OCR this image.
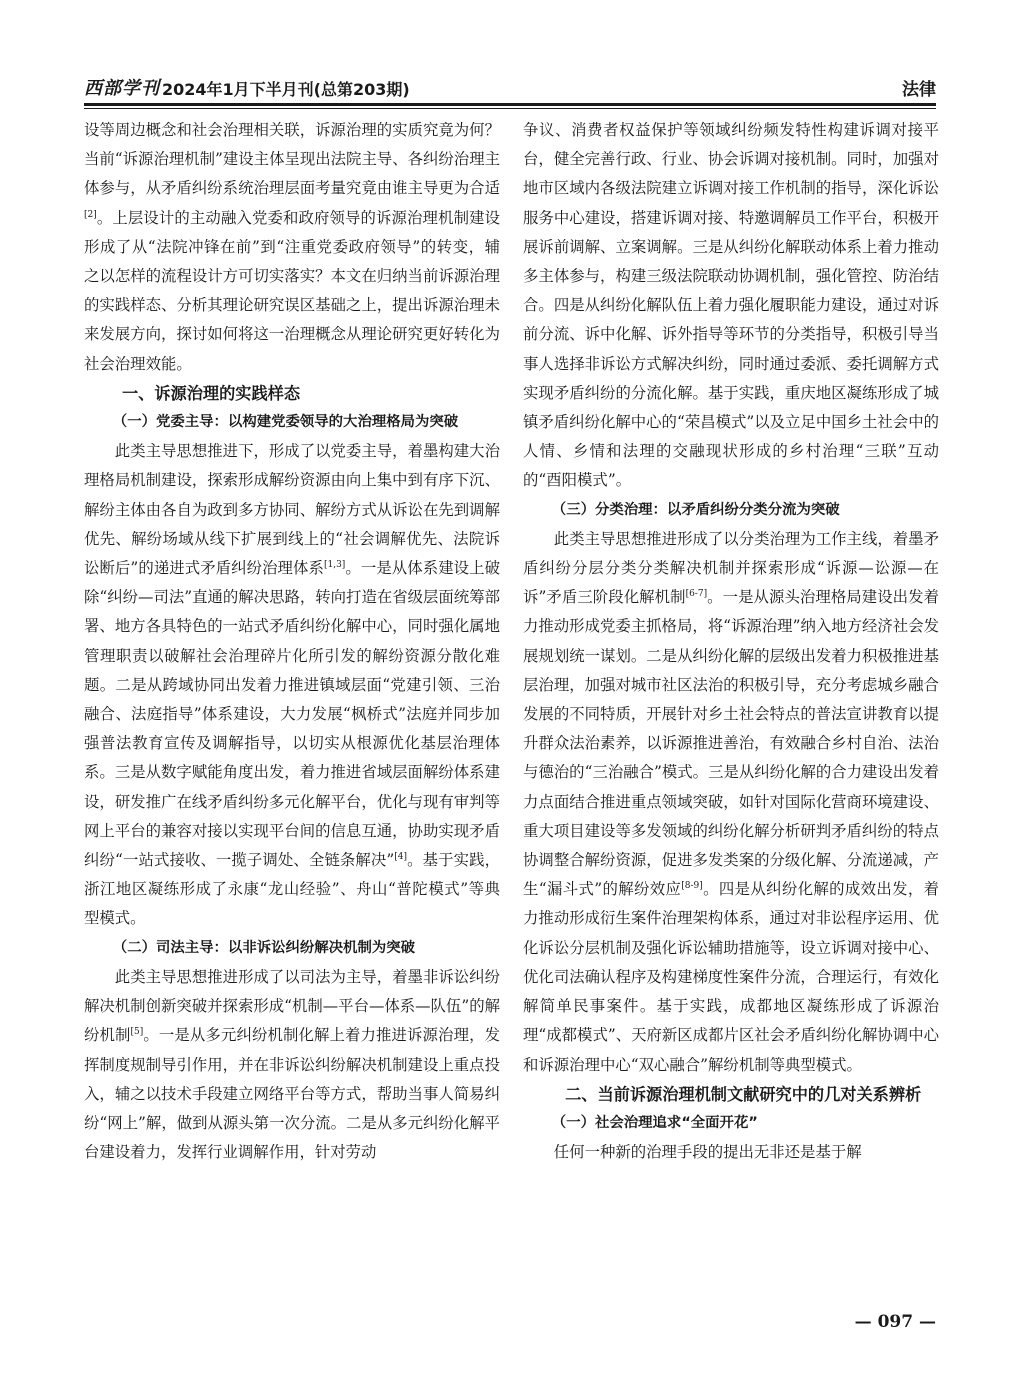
西部学刊 2024年1月下半月刊(总第203期)	法律

设等周边概念和社会治理相关联，诉源治理的实质究竟为何？当前“诉源治理机制”建设主体呈现出法院主导、各纠纷治理主体参与，从矛盾纠纷系统治理层面考量究竟由谁主导更为合适[2]。上层设计的主动融入党委和政府领导的诉源治理机制建设形成了从“法院冲锋在前”到“注重党委政府领导”的转变，辅之以怎样的流程设计方可切实落实？本文在归纳当前诉源治理的实践样态、分析其理论研究误区基础之上，提出诉源治理未来发展方向，探讨如何将这一治理概念从理论研究更好转化为社会治理效能。

一、诉源治理的实践样态
（一）党委主导：以构建党委领导的大治理格局为突破

此类主导思想推进下，形成了以党委主导，着墨构建大治理格局机制建设，探索形成解纷资源由向上集中到有序下沉、解纷主体由各自为政到多方协同、解纷方式从诉讼在先到调解优先、解纷场域从线下扩展到线上的“社会调解优先、法院诉讼断后”的递进式矛盾纠纷治理体系[1,3]。一是从体系建设上破除“纠纷—司法”直通的解决思路，转向打造在省级层面统筹部署、地方各具特色的一站式矛盾纠纷化解中心，同时强化属地管理职责以破解社会治理碎片化所引发的解纷资源分散化难题。二是从跨域协同出发着力推进镇域层面“党建引领、三治融合、法庭指导”体系建设，大力发展“枫桥式”法庭并同步加强普法教育宣传及调解指导，以切实从根源优化基层治理体系。三是从数字赋能角度出发，着力推进省域层面解纷体系建设，研发推广在线矛盾纠纷多元化解平台，优化与现有审判等网上平台的兼容对接以实现平台间的信息互通，协助实现矛盾纠纷“一站式接收、一揽子调处、全链条解决”[4]。基于实践，浙江地区凝练形成了永康“龙山经验”、舟山“普陀模式”等典型模式。

（二）司法主导：以非诉讼纠纷解决机制为突破

此类主导思想推进形成了以司法为主导，着墨非诉讼纠纷解决机制创新突破并探索形成“机制—平台—体系—队伍”的解纷机制[5]。一是从多元纠纷机制化解上着力推进诉源治理，发挥制度规制导引作用，并在非诉讼纠纷解决机制建设上重点投入，辅之以技术手段建立网络平台等方式，帮助当事人简易纠纷“网上”解，做到从源头第一次分流。二是从多元纠纷化解平台建设着力，发挥行业调解作用，针对劳动

争议、消费者权益保护等领域纠纷频发特性构建诉调对接平台，健全完善行政、行业、协会诉调对接机制。同时，加强对地市区域内各级法院建立诉调对接工作机制的指导，深化诉讼服务中心建设，搭建诉调对接、特邀调解员工作平台，积极开展诉前调解、立案调解。三是从纠纷化解联动体系上着力推动多主体参与，构建三级法院联动协调机制，强化管控、防治结合。四是从纠纷化解队伍上着力强化履职能力建设，通过对诉前分流、诉中化解、诉外指导等环节的分类指导，积极引导当事人选择非诉讼方式解决纠纷，同时通过委派、委托调解方式实现矛盾纠纷的分流化解。基于实践，重庆地区凝练形成了城镇矛盾纠纷化解中心的“荣昌模式”以及立足中国乡土社会中的人情、乡情和法理的交融现状形成的乡村治理“三联”互动的“酉阳模式”。

（三）分类治理：以矛盾纠纷分类分流为突破

此类主导思想推进形成了以分类治理为工作主线，着墨矛盾纠纷分层分类分类解决机制并探索形成“诉源—讼源—在诉”矛盾三阶段化解机制[6-7]。一是从源头治理格局建设出发着力推动形成党委主抓格局，将“诉源治理”纳入地方经济社会发展规划统一谋划。二是从纠纷化解的层级出发着力积极推进基层治理，加强对城市社区法治的积极引导，充分考虑城乡融合发展的不同特质，开展针对乡土社会特点的普法宣讲教育以提升群众法治素养，以诉源推进善治，有效融合乡村自治、法治与德治的“三治融合”模式。三是从纠纷化解的合力建设出发着力点面结合推进重点领域突破，如针对国际化营商环境建设、重大项目建设等多发领域的纠纷化解分析研判矛盾纠纷的特点协调整合解纷资源，促进多发类案的分级化解、分流递减，产生“漏斗式”的解纷效应[8-9]。四是从纠纷化解的成效出发，着力推动形成衍生案件治理架构体系，通过对非讼程序运用、优化诉讼分层机制及强化诉讼辅助措施等，设立诉调对接中心、优化司法确认程序及构建梯度性案件分流，合理运行，有效化解简单民事案件。基于实践，成都地区凝练形成了诉源治理“成都模式”、天府新区成都片区社会矛盾纠纷化解协调中心和诉源治理中心“双心融合”解纷机制等典型模式。

二、当前诉源治理机制文献研究中的几对关系辨析
（一）社会治理追求“全面开花”

任何一种新的治理手段的提出无非还是基于解

— 097 —
